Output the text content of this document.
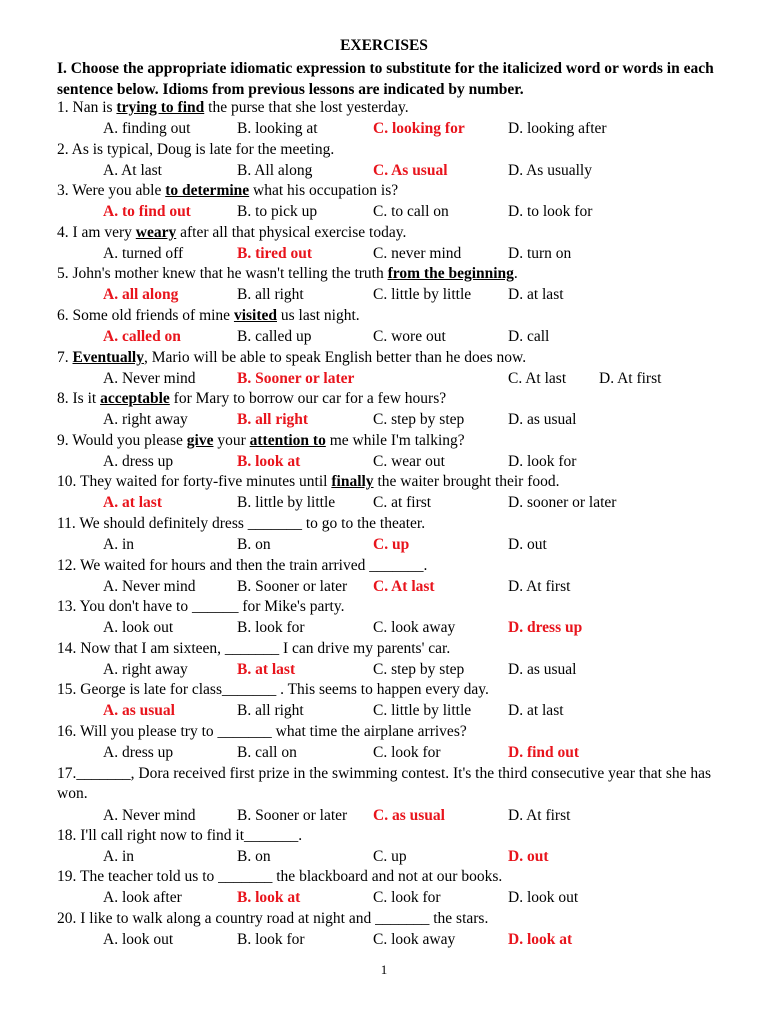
EXERCISES
I. Choose the appropriate idiomatic expression to substitute for the italicized word or words in each sentence below. Idioms from previous lessons are indicated by number.
1. Nan is trying to find the purse that she lost yesterday.
A. finding out	B. looking at	C. looking for	D. looking after
2. As is typical, Doug is late for the meeting.
A. At last	B. All along	C. As usual	D. As usually
3. Were you able to determine what his occupation is?
A. to find out	B. to pick up	C. to call on	D. to look for
4. I am very weary after all that physical exercise today.
A. turned off	B. tired out	C. never mind	D. turn on
5. John's mother knew that he wasn't telling the truth from the beginning.
A. all along	B. all right	C. little by little D. at last
6. Some old friends of mine visited us last night.
A. called on	B. called up	C. wore out	D. call
7. Eventually, Mario will be able to speak English better than he does now.
A. Never mind	B. Sooner or later	C. At last D. At first
8. Is it acceptable for Mary to borrow our car for a few hours?
A. right away	B. all right	C. step by step	D. as usual
9. Would you please give your attention to me while I'm talking?
A. dress up	B. look at	C. wear out	D. look for
10. They waited for forty-five minutes until finally the waiter brought their food.
A. at last	B. little by little C. at first	D. sooner or later
11. We should definitely dress _______ to go to the theater.
A. in	B. on	C. up	D. out
12. We waited for hours and then the train arrived _______.
A. Never mind	B. Sooner or later C. At last	D. At first
13. You don't have to ______ for Mike's party.
A. look out	B. look for	C. look away	D. dress up
14. Now that I am sixteen, _______ I can drive my parents' car.
A. right away	B. at last	C. step by step	D. as usual
15. George is late for class_______ . This seems to happen every day.
A. as usual	B. all right	C. little by little D. at last
16. Will you please try to _______ what time the airplane arrives?
A. dress up	B. call on	C. look for	D. find out
17._______, Dora received first prize in the swimming contest. It's the third consecutive year that she has won.
A. Never mind	B. Sooner or later C. as usual	D. At first
18. I'll call right now to find it_______.
A. in	B. on	C. up	D. out
19. The teacher told us to _______ the blackboard and not at our books.
A. look after	B. look at	C. look for	D. look out
20. I like to walk along a country road at night and _______ the stars.
A. look out	B. look for	C. look away	D. look at
1
